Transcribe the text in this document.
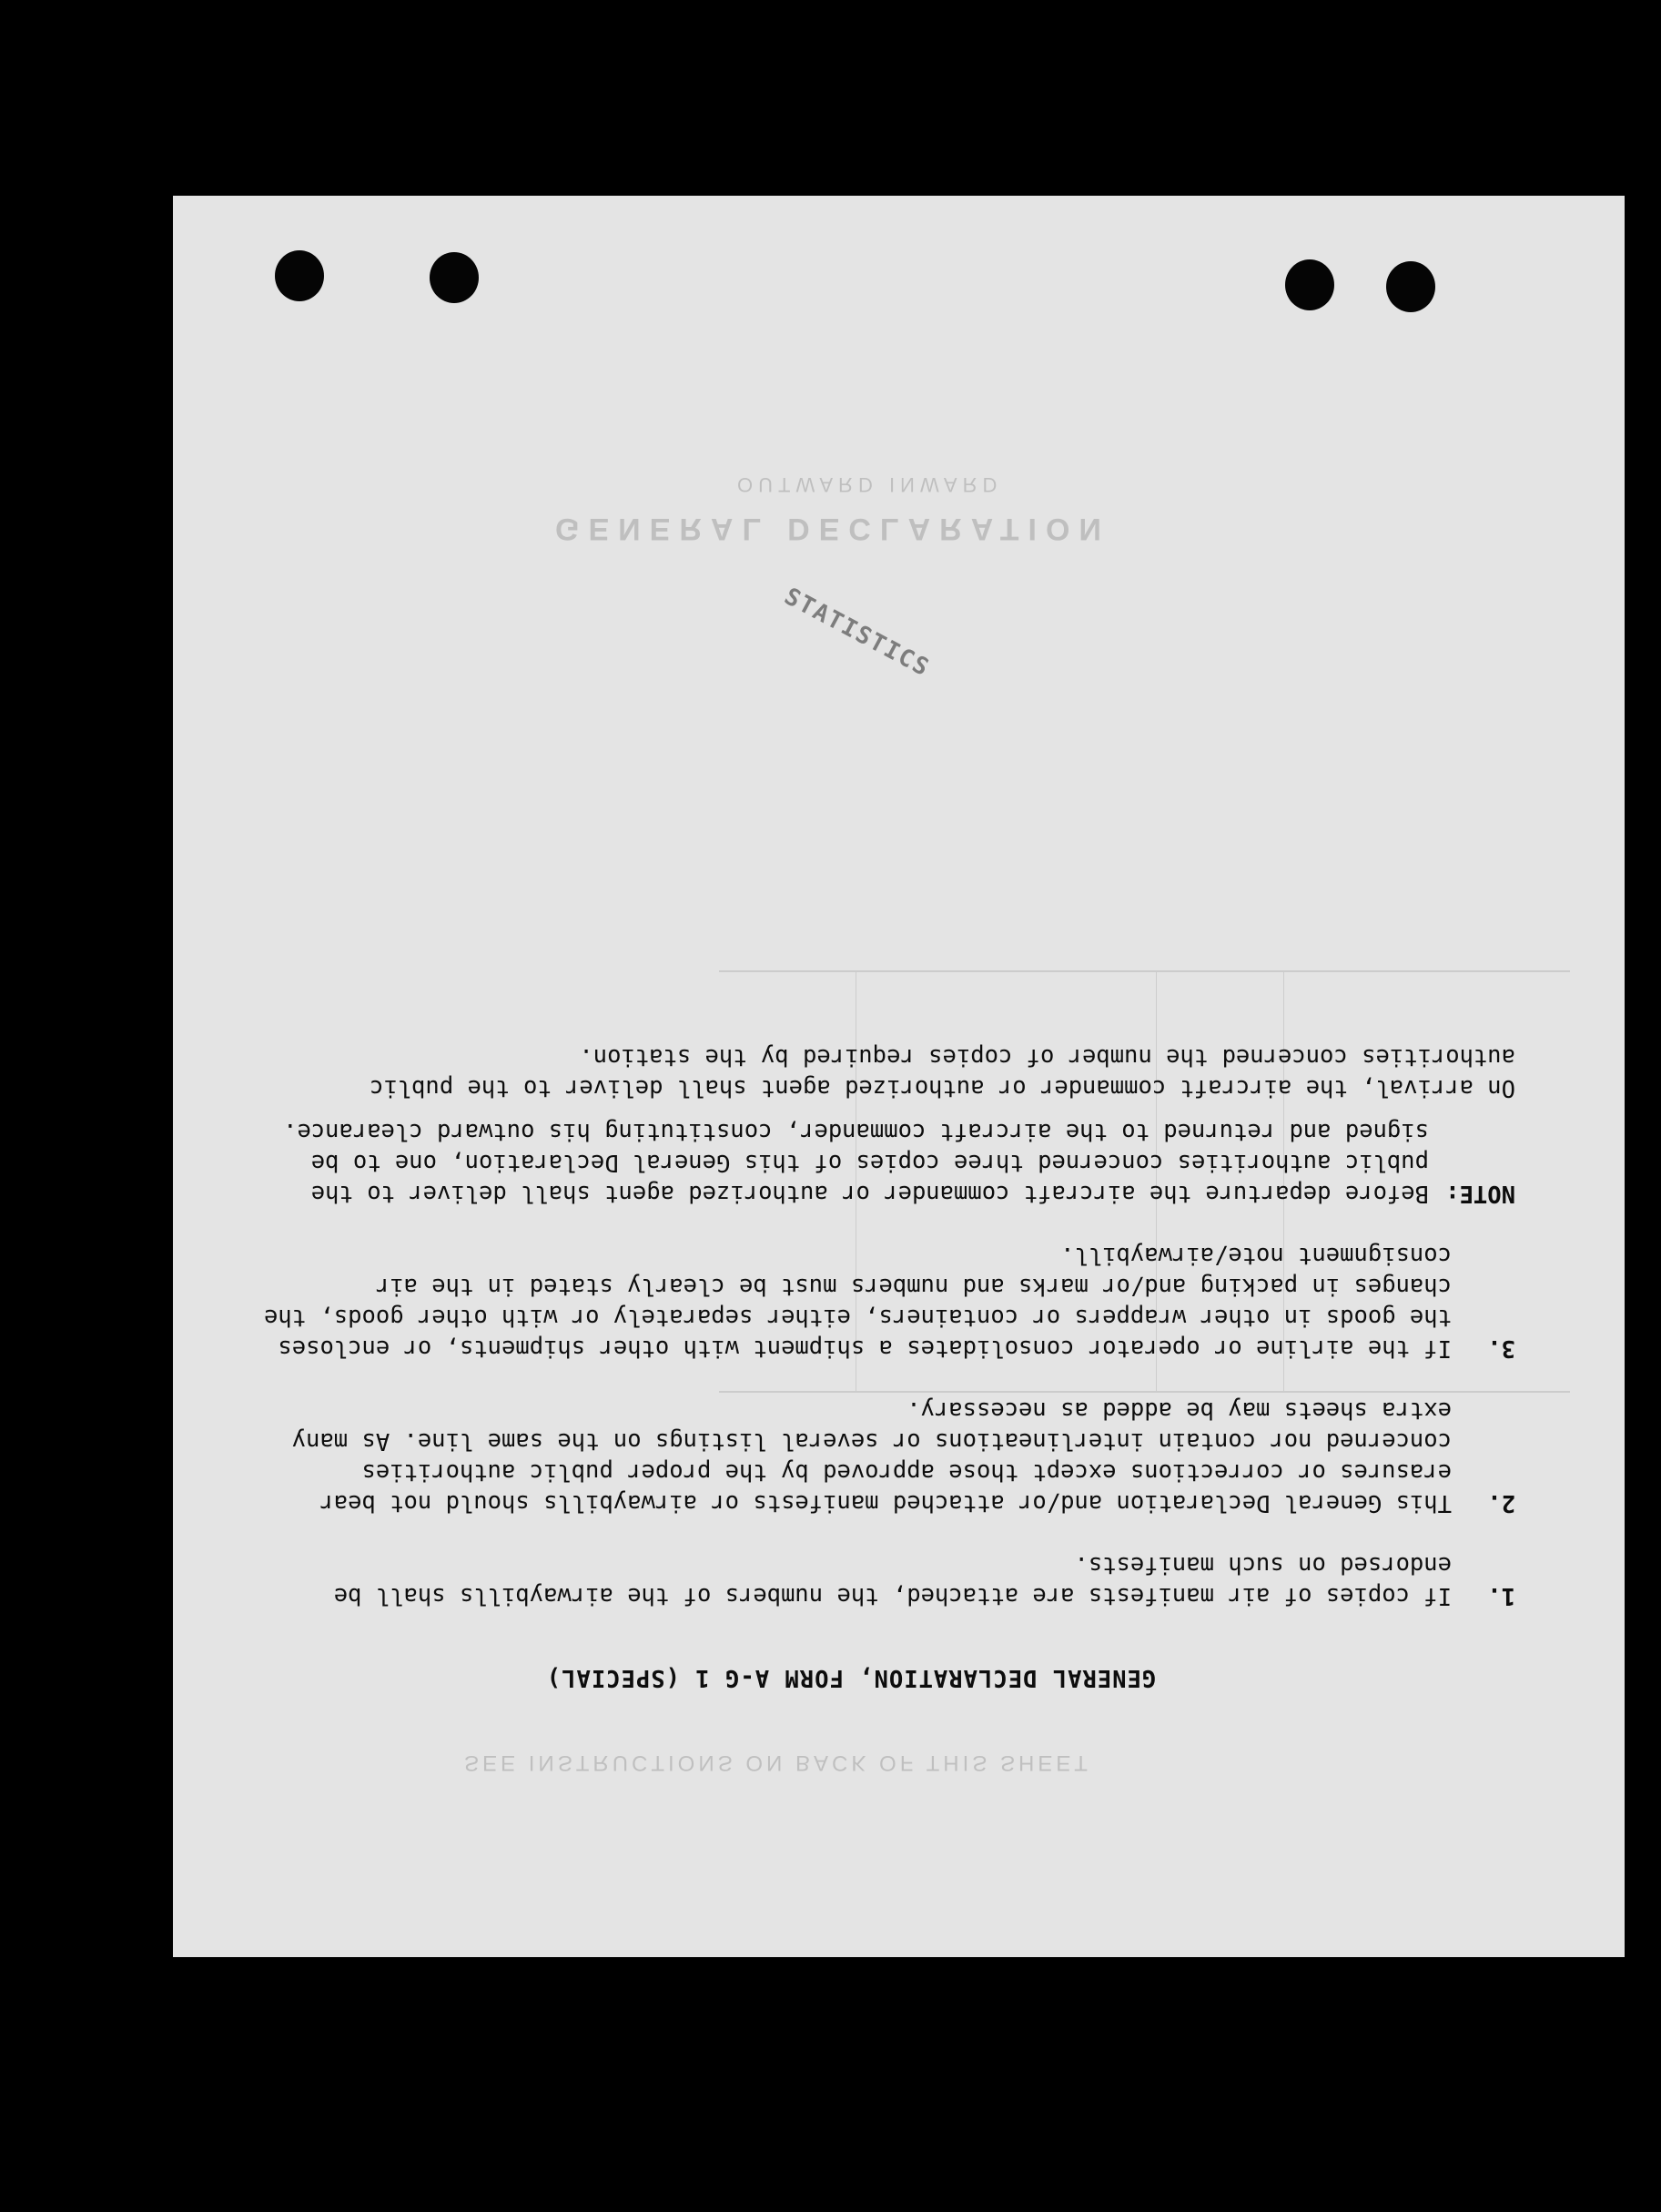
GENERAL DECLARATION
OUTWARD INWARD
SEE INSTRUCTIONS ON BACK OF THIS SHEET
STATISTICS
GENERAL DECLARATION, FORM A-G 1 (SPECIAL)
1.
If copies of air manifests are attached, the numbers of the airwaybills shall be endorsed on such manifests.
2.
This General Declaration and/or attached manifests or airwaybills should not bear erasures or corrections except those approved by the proper public authorities concerned nor contain interlineations or several listings on the same line. As many extra sheets may be added as necessary.
3.
If the airline or operator consolidates a shipment with other shipments, or encloses the goods in other wrappers or containers, either separately or with other goods, the changes in packing and/or marks and numbers must be clearly stated in the air consignment note/airwaybill.
NOTE:
Before departure the aircraft commander or authorized agent shall deliver to the public authorities concerned three copies of this General Declaration, one to be signed and returned to the aircraft commander, constituting his outward clearance.
On arrival, the aircraft commander or authorized agent shall deliver to the public authorities concerned the number of copies required by the station.
